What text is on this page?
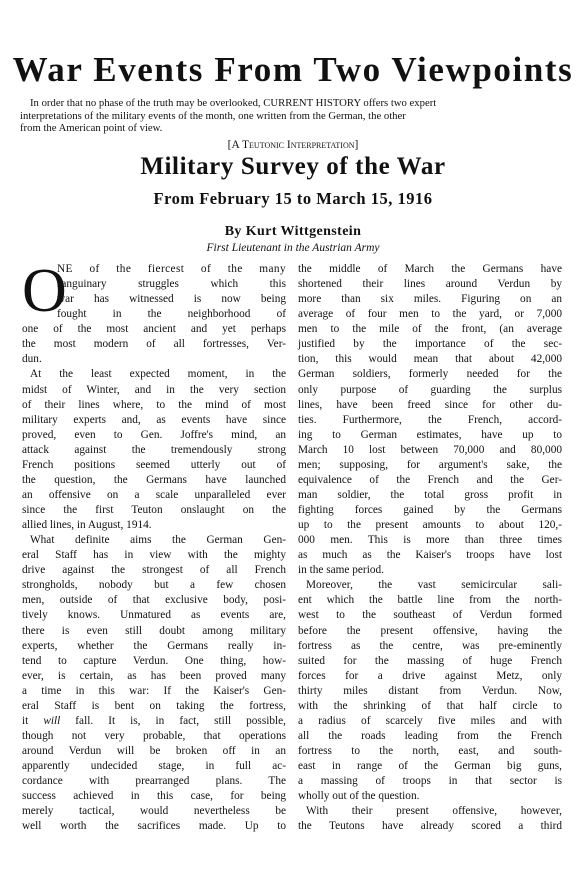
War Events From Two Viewpoints
In order that no phase of the truth may be overlooked, CURRENT HISTORY offers two expert
interpretations of the military events of the month, one written from the German, the other
from the American point of view.

[A Teutonic Interpretation]

Military Survey of the War
From February 15 to March 15, 1916

By Kurt Wittgenstein

First Lieutenant in the Austrian Army

O
NE of the fiercest of the many
sanguinary struggles which this
war has witnessed is now being
fought in the neighborhood of
one of the most ancient and yet perhaps
the most modern of all fortresses, Ver-
dun.
At the least expected moment, in the
midst of Winter, and in the very section
of their lines where, to the mind of most
military experts and, as events have since
proved, even to Gen. Joffre's mind, an
attack against the tremendously strong
French positions seemed utterly out of
the question, the Germans have launched
an offensive on a scale unparalleled ever
since the first Teuton onslaught on the
allied lines, in August, 1914.
What definite aims the German Gen-
eral Staff has in view with the mighty
drive against the strongest of all French
strongholds, nobody but a few chosen
men, outside of that exclusive body, posi-
tively knows. Unmatured as events are,
there is even still doubt among military
experts, whether the Germans really in-
tend to capture Verdun. One thing, how-
ever, is certain, as has been proved many
a time in this war: If the Kaiser's Gen-
eral Staff is bent on taking the fortress,
it will fall. It is, in fact, still possible,
though not very probable, that operations
around Verdun will be broken off in an
apparently undecided stage, in full ac-
cordance with prearranged plans. The
success achieved in this case, for being
merely tactical, would nevertheless be
well worth the sacrifices made. Up to
the middle of March the Germans have
shortened their lines around Verdun by
more than six miles. Figuring on an
average of four men to the yard, or 7,000
men to the mile of the front, (an average
justified by the importance of the sec-
tion, this would mean that about 42,000
German soldiers, formerly needed for the
only purpose of guarding the surplus
lines, have been freed since for other du-
ties. Furthermore, the French, accord-
ing to German estimates, have up to
March 10 lost between 70,000 and 80,000
men; supposing, for argument's sake, the
equivalence of the French and the Ger-
man soldier, the total gross profit in
fighting forces gained by the Germans
up to the present amounts to about 120,-
000 men. This is more than three times
as much as the Kaiser's troops have lost
in the same period.
Moreover, the vast semicircular sali-
ent which the battle line from the north-
west to the southeast of Verdun formed
before the present offensive, having the
fortress as the centre, was pre-eminently
suited for the massing of huge French
forces for a drive against Metz, only
thirty miles distant from Verdun. Now,
with the shrinking of that half circle to
a radius of scarcely five miles and with
all the roads leading from the French
fortress to the north, east, and south-
east in range of the German big guns,
a massing of troops in that sector is
wholly out of the question.
With their present offensive, however,
the Teutons have already scored a third
